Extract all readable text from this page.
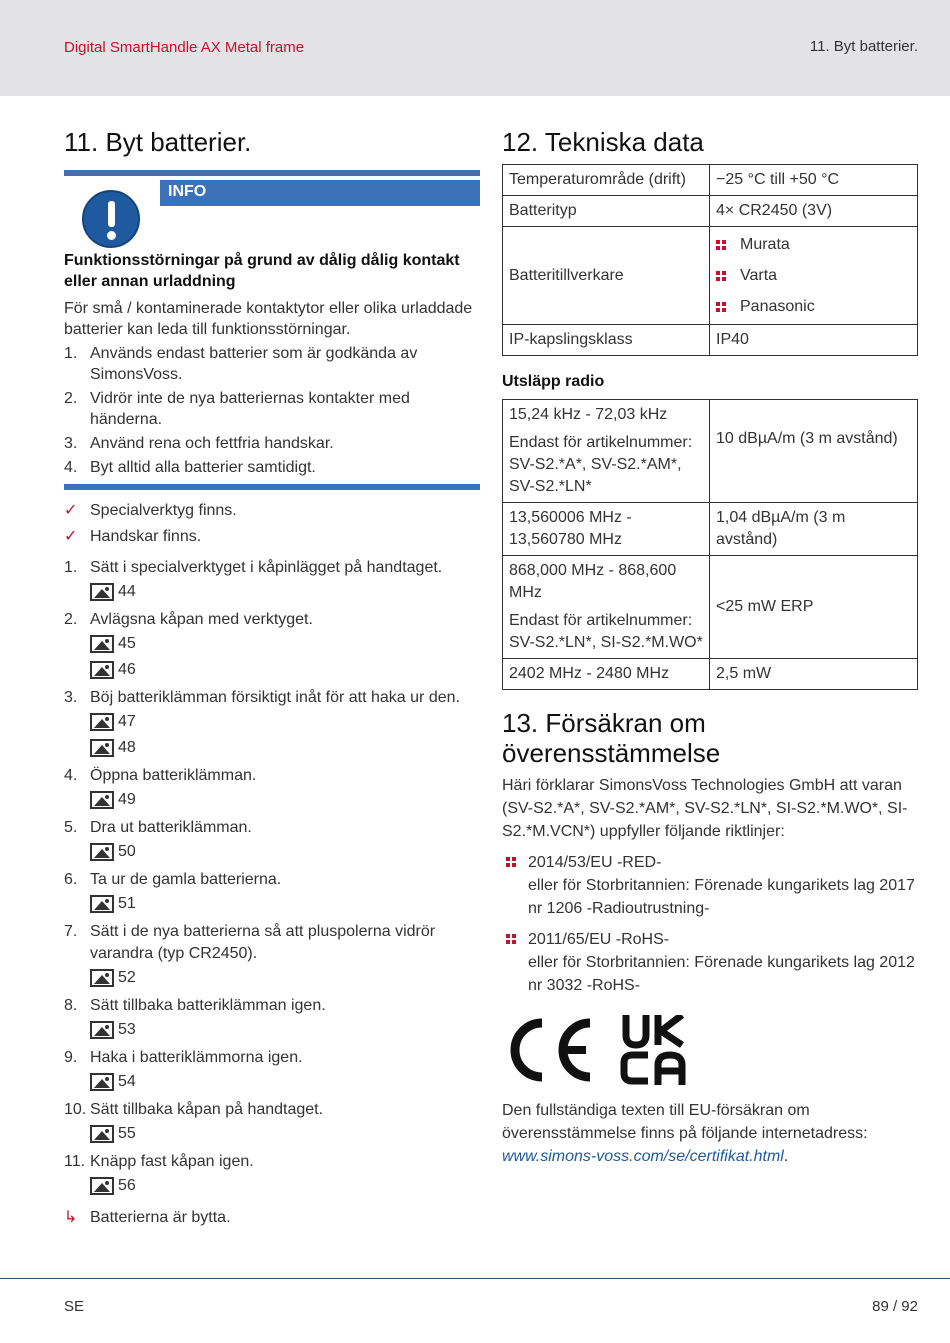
Digital SmartHandle AX Metal frame	11. Byt batterier.
11. Byt batterier.
INFO
Funktionsstörningar på grund av dålig dålig kontakt eller annan urladdning
För små / kontaminerade kontaktytor eller olika urladdade batterier kan leda till funktionsstörningar.
1. Används endast batterier som är godkända av SimonsVoss.
2. Vidrör inte de nya batteriernas kontakter med händerna.
3. Använd rena och fettfria handskar.
4. Byt alltid alla batterier samtidigt.
✓ Specialverktyg finns.
✓ Handskar finns.
1. Sätt i specialverktyget i kåpinlägget på handtaget.
44
2. Avlägsna kåpan med verktyget.
45
46
3. Böj batteriklämman försiktigt inåt för att haka ur den.
47
48
4. Öppna batteriklämman.
49
5. Dra ut batteriklämman.
50
6. Ta ur de gamla batterierna.
51
7. Sätt i de nya batterierna så att pluspolerna vidrör varandra (typ CR2450).
52
8. Sätt tillbaka batteriklämman igen.
53
9. Haka i batteriklämmorna igen.
54
10. Sätt tillbaka kåpan på handtaget.
55
11. Knäpp fast kåpan igen.
56
↳ Batterierna är bytta.
12. Tekniska data
Temperaturområde (drift)	−25 °C till +50 °C
Batterityp	4× CR2450 (3V)
Batteritillverkare	Murata
Varta
Panasonic

IP-kapslingsklass	IP40
Utsläpp radio
15,24 kHz - 72,03 kHz
Endast för artikelnummer: SV-S2.*A*, SV-S2.*AM*, SV-S2.*LN*	10 dBµA/m (3 m avstånd)
13,560006 MHz - 13,560780 MHz	1,04 dBµA/m (3 m avstånd)

868,000 MHz - 868,600 MHz
Endast för artikelnummer: SV-S2.*LN*, SI-S2.*M.WO*	<25 mW ERP
2402 MHz - 2480 MHz	2,5 mW
13. Försäkran om överensstämmelse
Häri förklarar SimonsVoss Technologies GmbH att varan (SV-S2.*A*, SV-S2.*AM*, SV-S2.*LN*, SI-S2.*M.WO*, SI-S2.*M.VCN*) uppfyller följande riktlinjer:
2014/53/EU -RED-
eller för Storbritannien: Förenade kungarikets lag 2017 nr 1206 -Radioutrustning-
2011/65/EU -RoHS-
eller för Storbritannien: Förenade kungarikets lag 2012 nr 3032 -RoHS-
Den fullständiga texten till EU-försäkran om överensstämmelse finns på följande internetadress: www.simons-voss.com/se/certifikat.html.
SE	89 / 92
